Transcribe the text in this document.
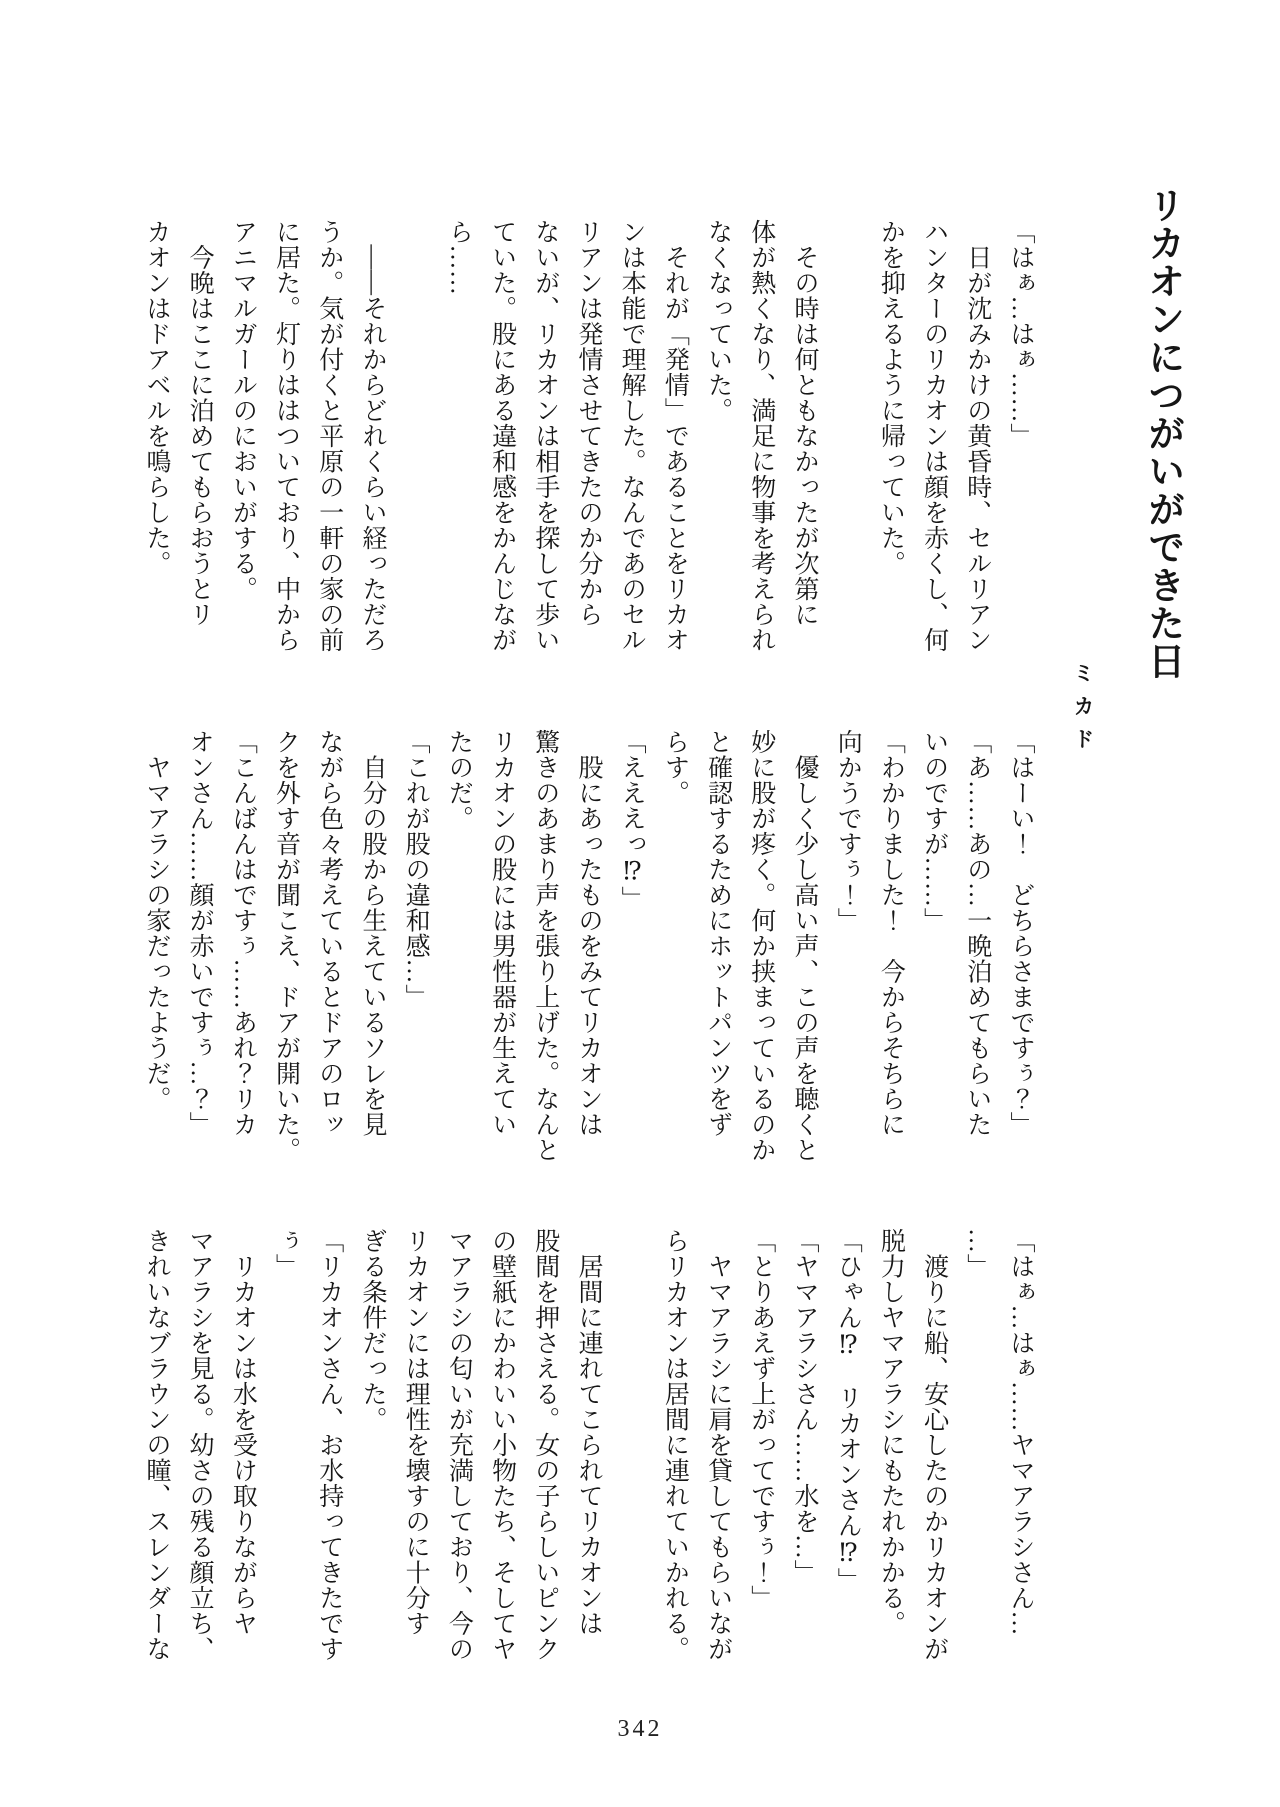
リカオンにつがいができた日
ミカド

「はぁ…はぁ……」

　日が沈みかけの黄昏時、セルリアン

ハンターのリカオンは顔を赤くし、何

かを抑えるように帰っていた。

　その時は何ともなかったが次第に

体が熱くなり、満足に物事を考えられ

なくなっていた。

　それが「発情」であることをリカオ

ンは本能で理解した。なんであのセル

リアンは発情させてきたのか分から

ないが、リカオンは相手を探して歩い

ていた。股にある違和感をかんじなが

ら……

　――それからどれくらい経っただろ

うか。気が付くと平原の一軒の家の前

に居た。灯りははついており、中から

アニマルガールのにおいがする。

　今晩はここに泊めてもらおうとリ

カオンはドアベルを鳴らした。

「はーい！　どちらさまですぅ？」

「あ……あの…一晩泊めてもらいた

いのですが……」

「わかりました！　今からそちらに

向かうですぅ！」

　優しく少し高い声、この声を聴くと

妙に股が疼く。何か挟まっているのか

と確認するためにホットパンツをず

らす。

「えええっ⁉」

　股にあったものをみてリカオンは

驚きのあまり声を張り上げた。なんと

リカオンの股には男性器が生えてい

たのだ。

「これが股の違和感…」

　自分の股から生えているソレを見

ながら色々考えているとドアのロッ

クを外す音が聞こえ、ドアが開いた。

「こんばんはですぅ……あれ？リカ

オンさん……顔が赤いですぅ…？」

　ヤマアラシの家だったようだ。

「はぁ…はぁ……ヤマアラシさん…

…」

　渡りに船、安心したのかリカオンが

脱力しヤマアラシにもたれかかる。

「ひゃん⁉　リカオンさん⁉」

「ヤマアラシさん……水を…」

「とりあえず上がってですぅ！」

　ヤマアラシに肩を貸してもらいなが

らリカオンは居間に連れていかれる。

　居間に連れてこられてリカオンは

股間を押さえる。女の子らしいピンク

の壁紙にかわいい小物たち、そしてヤ

マアラシの匂いが充満しており、今の

リカオンには理性を壊すのに十分す

ぎる条件だった。

「リカオンさん、お水持ってきたです

ぅ」

　リカオンは水を受け取りながらヤ

マアラシを見る。幼さの残る顔立ち、

きれいなブラウンの瞳、スレンダーな

342
